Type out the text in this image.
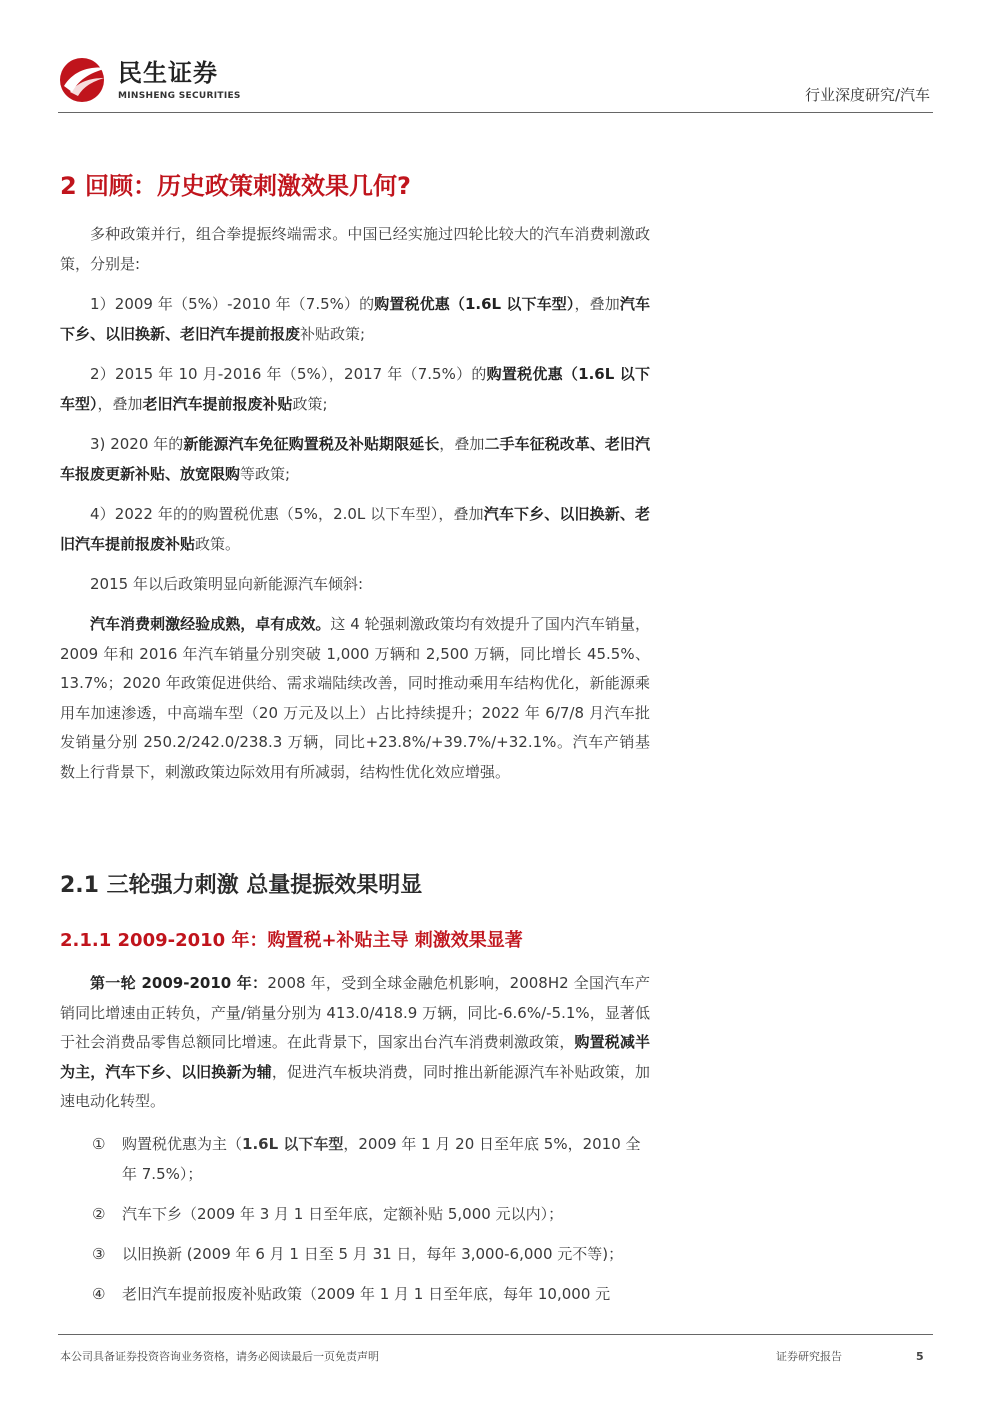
民生证券
MINSHENG SECURITIES	行业深度研究/汽车
2 回顾：历史政策刺激效果几何?
多种政策并行，组合拳提振终端需求。中国已经实施过四轮比较大的汽车消费刺激政策，分别是:
1）2009 年（5%）-2010 年（7.5%）的购置税优惠（1.6L 以下车型），叠加汽车下乡、以旧换新、老旧汽车提前报废补贴政策;
2）2015 年 10 月-2016 年（5%），2017 年（7.5%）的购置税优惠（1.6L 以下车型），叠加老旧汽车提前报废补贴政策;
3) 2020 年的新能源汽车免征购置税及补贴期限延长，叠加二手车征税改革、老旧汽车报废更新补贴、放宽限购等政策;
4）2022 年的的购置税优惠（5%，2.0L 以下车型），叠加汽车下乡、以旧换新、老旧汽车提前报废补贴政策。
2015 年以后政策明显向新能源汽车倾斜:
汽车消费刺激经验成熟，卓有成效。这 4 轮强刺激政策均有效提升了国内汽车销量，2009 年和 2016 年汽车销量分别突破 1,000 万辆和 2,500 万辆，同比增长 45.5%、13.7%；2020 年政策促进供给、需求端陆续改善，同时推动乘用车结构优化，新能源乘用车加速渗透，中高端车型（20 万元及以上）占比持续提升；2022 年 6/7/8 月汽车批发销量分别 250.2/242.0/238.3 万辆，同比+23.8%/+39.7%/+32.1%。汽车产销基数上行背景下，刺激政策边际效用有所减弱，结构性优化效应增强。
2.1 三轮强力刺激 总量提振效果明显
2.1.1 2009-2010 年：购置税+补贴主导 刺激效果显著
第一轮 2009-2010 年：2008 年，受到全球金融危机影响，2008H2 全国汽车产销同比增速由正转负，产量/销量分别为 413.0/418.9 万辆，同比-6.6%/-5.1%，显著低于社会消费品零售总额同比增速。在此背景下，国家出台汽车消费刺激政策，购置税减半为主，汽车下乡、以旧换新为辅，促进汽车板块消费，同时推出新能源汽车补贴政策，加速电动化转型。
①	购置税优惠为主（1.6L 以下车型，2009 年 1 月 20 日至年底 5%，2010 全年 7.5%）；
②	汽车下乡（2009 年 3 月 1 日至年底，定额补贴 5,000 元以内）；
③	以旧换新 (2009 年 6 月 1 日至 5 月 31 日，每年 3,000-6,000 元不等)；
④	老旧汽车提前报废补贴政策（2009 年 1 月 1 日至年底，每年 10,000 元
本公司具备证券投资咨询业务资格，请务必阅读最后一页免责声明	证券研究报告	5
